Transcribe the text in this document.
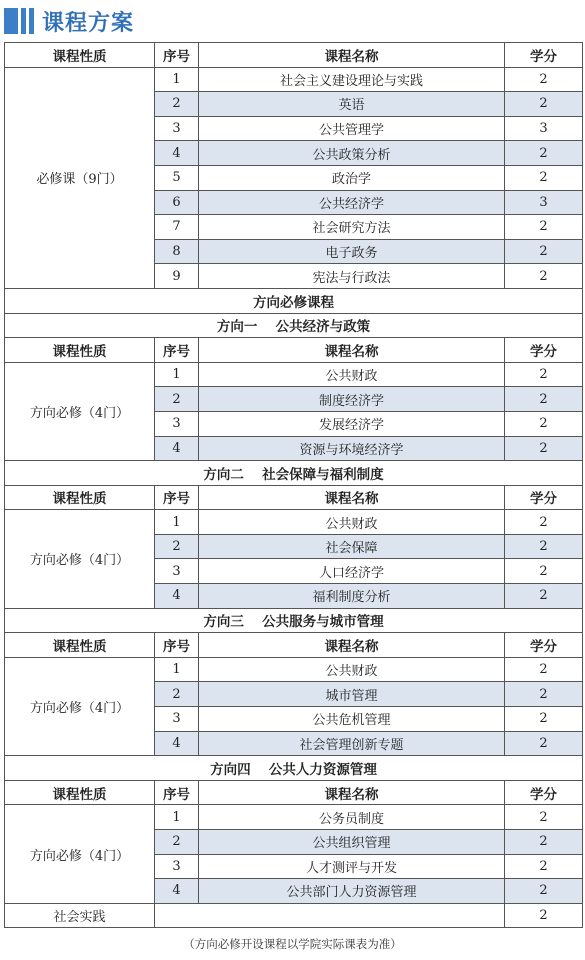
课程方案
课程性质	序号	课程名称	学分
必修课（9门）	1	社会主义建设理论与实践	2
	2	英语	2
	3	公共管理学	3
	4	公共政策分析	2
	5	政治学	2
	6	公共经济学	3
	7	社会研究方法	2
	8	电子政务	2
	9	宪法与行政法	2
方向必修课程			
方向一　 公共经济与政策			
课程性质	序号	课程名称	学分
方向必修（4门）	1	公共财政	2
	2	制度经济学	2
	3	发展经济学	2
	4	资源与环境经济学	2
方向二　 社会保障与福利制度			
课程性质	序号	课程名称	学分
方向必修（4门）	1	公共财政	2
	2	社会保障	2
	3	人口经济学	2
	4	福利制度分析	2
方向三　 公共服务与城市管理			
课程性质	序号	课程名称	学分
方向必修（4门）	1	公共财政	2
	2	城市管理	2
	3	公共危机管理	2
	4	社会管理创新专题	2
方向四　 公共人力资源管理			
课程性质	序号	课程名称	学分
方向必修（4门）	1	公务员制度	2
	2	公共组织管理	2
	3	人才测评与开发	2
	4	公共部门人力资源管理	2
社会实践			2
（方向必修开设课程以学院实际课表为准）
